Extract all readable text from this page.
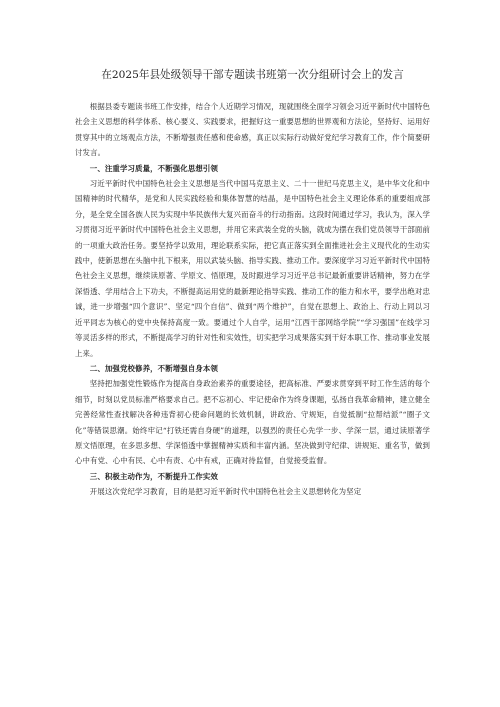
在2025年县处级领导干部专题读书班第一次分组研讨会上的发言

根据县委专题读书班工作安排，结合个人近期学习情况，现就围绕全面学习领会习近平新时代中国特色社会主义思想的科学体系、核心要义、实践要求，把握好这一重要思想的世界观和方法论，坚持好、运用好贯穿其中的立场观点方法，不断增强责任感和使命感，真正以实际行动做好党纪学习教育工作，作个简要研讨发言。

一、注重学习质量，不断强化思想引领

习近平新时代中国特色社会主义思想是当代中国马克思主义、二十一世纪马克思主义，是中华文化和中国精神的时代精华，是党和人民实践经验和集体智慧的结晶，是中国特色社会主义理论体系的重要组成部分，是全党全国各族人民为实现中华民族伟大复兴而奋斗的行动指南。这段时间通过学习，我认为，深入学习贯彻习近平新时代中国特色社会主义思想，并用它来武装全党的头脑，就成为摆在我们党员领导干部面前的一项重大政治任务。要坚持学以致用，理论联系实际，把它真正落实到全面推进社会主义现代化的生动实践中，使新思想在头脑中扎下根来，用以武装头脑、指导实践、推动工作。要深度学习习近平新时代中国特色社会主义思想，继续读原著、学原文、悟原理，及时跟进学习习近平总书记最新重要讲话精神，努力在学深悟透、学用结合上下功夫，不断提高运用党的最新理论指导实践、推动工作的能力和水平，要学出绝对忠诚，进一步增强“四个意识”、坚定“四个自信”、做到“两个维护”，自觉在思想上、政治上、行动上同以习近平同志为核心的党中央保持高度一致。要通过个人自学，运用“江西干部网络学院”“学习强国”在线学习等灵活多样的形式，不断提高学习的针对性和实效性，切实把学习成果落实到干好本职工作、推动事业发展上来。

二、加强党校修养，不断增强自身本领

坚持把加强党性锻炼作为提高自身政治素养的重要途径，把高标准、严要求贯穿到平时工作生活的每个细节，时刻以党员标准严格要求自己。把不忘初心、牢记使命作为终身课题，弘扬自我革命精神，建立健全完善经常性查找解决各种违背初心使命问题的长效机制，讲政治、守规矩，自觉抵制“拉帮结派”“圈子文化”等错误思潮。始终牢记“打铁还需自身硬”的道理，以强烈的责任心先学一步、学深一层，通过读原著学原文悟原理，在多思多想、学深悟透中掌握精神实质和丰富内涵。坚决做到守纪律、讲规矩、重名节，做到心中有党、心中有民、心中有责、心中有戒，正确对待监督，自觉接受监督。

三、积极主动作为，不断提升工作实效

开展这次党纪学习教育，目的是把习近平新时代中国特色社会主义思想转化为坚定
